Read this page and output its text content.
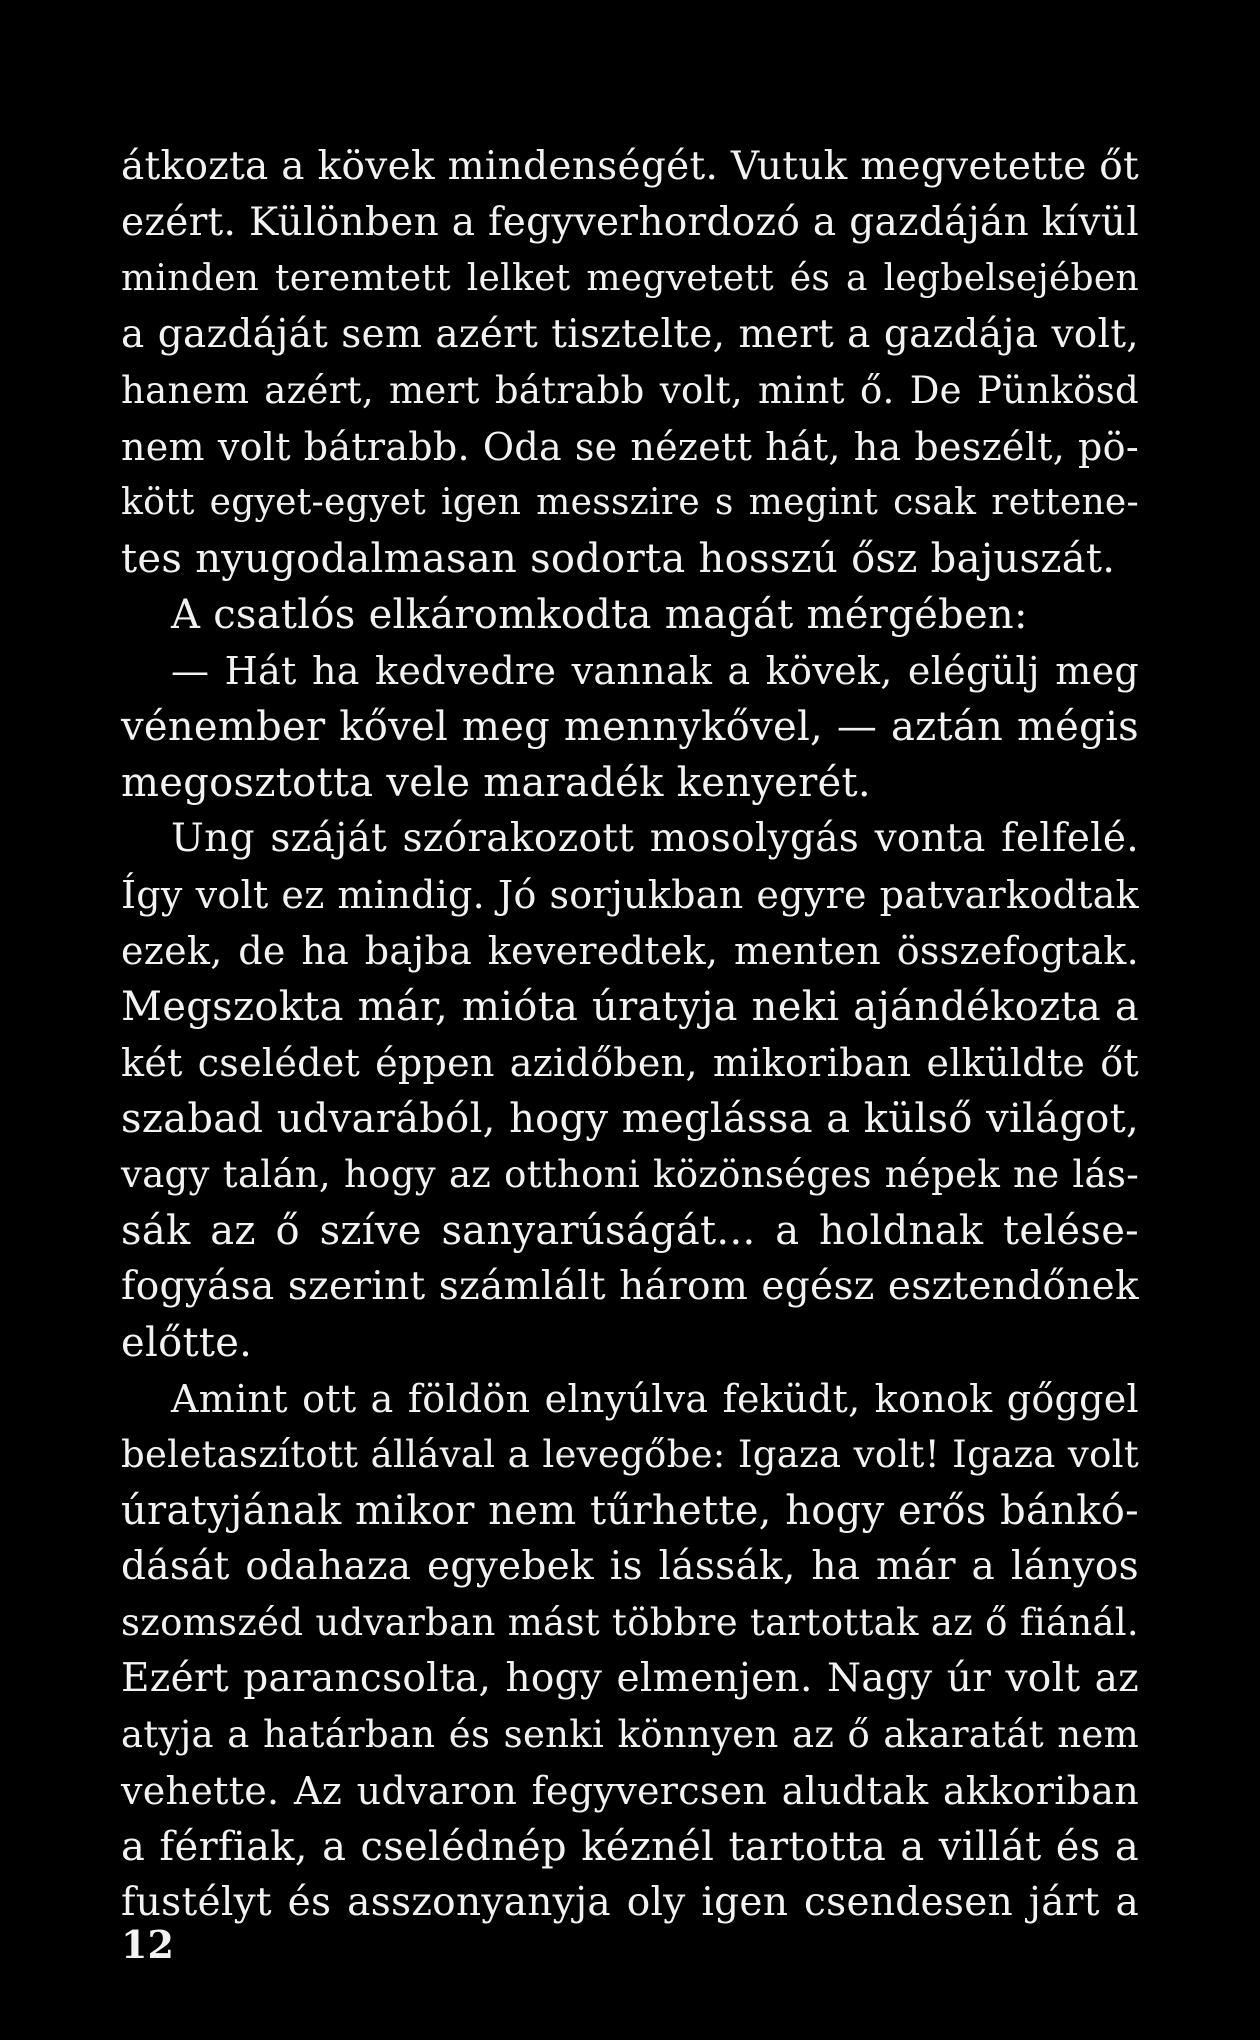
átkozta a kövek mindenségét. Vutuk megvetette őt
ezért. Különben a fegyverhordozó a gazdáján kívül
minden teremtett lelket megvetett és a legbelsejében
a gazdáját sem azért tisztelte, mert a gazdája volt,
hanem azért, mert bátrabb volt, mint ő. De Pünkösd
nem volt bátrabb. Oda se nézett hát, ha beszélt, pö-
kött egyet-egyet igen messzire s megint csak rettene-
tes nyugodalmasan sodorta hosszú ősz bajuszát.
A csatlós elkáromkodta magát mérgében:
— Hát ha kedvedre vannak a kövek, elégülj meg
vénember kővel meg mennykővel, — aztán mégis
megosztotta vele maradék kenyerét.
Ung száját szórakozott mosolygás vonta felfelé.
Így volt ez mindig. Jó sorjukban egyre patvarkodtak
ezek, de ha bajba keveredtek, menten összefogtak.
Megszokta már, mióta úratyja neki ajándékozta a
két cselédet éppen azidőben, mikoriban elküldte őt
szabad udvarából, hogy meglássa a külső világot,
vagy talán, hogy az otthoni közönséges népek ne lás-
sák az ő szíve sanyarúságát... a holdnak telése-
fogyása szerint számlált három egész esztendőnek
előtte.
Amint ott a földön elnyúlva feküdt, konok gőggel
beletaszított állával a levegőbe: Igaza volt! Igaza volt
úratyjának mikor nem tűrhette, hogy erős bánkó-
dását odahaza egyebek is lássák, ha már a lányos
szomszéd udvarban mást többre tartottak az ő fiánál.
Ezért parancsolta, hogy elmenjen. Nagy úr volt az
atyja a határban és senki könnyen az ő akaratát nem
vehette. Az udvaron fegyvercsen aludtak akkoriban
a férfiak, a cselédnép kéznél tartotta a villát és a
fustélyt és asszonyanyja oly igen csendesen járt a
12
